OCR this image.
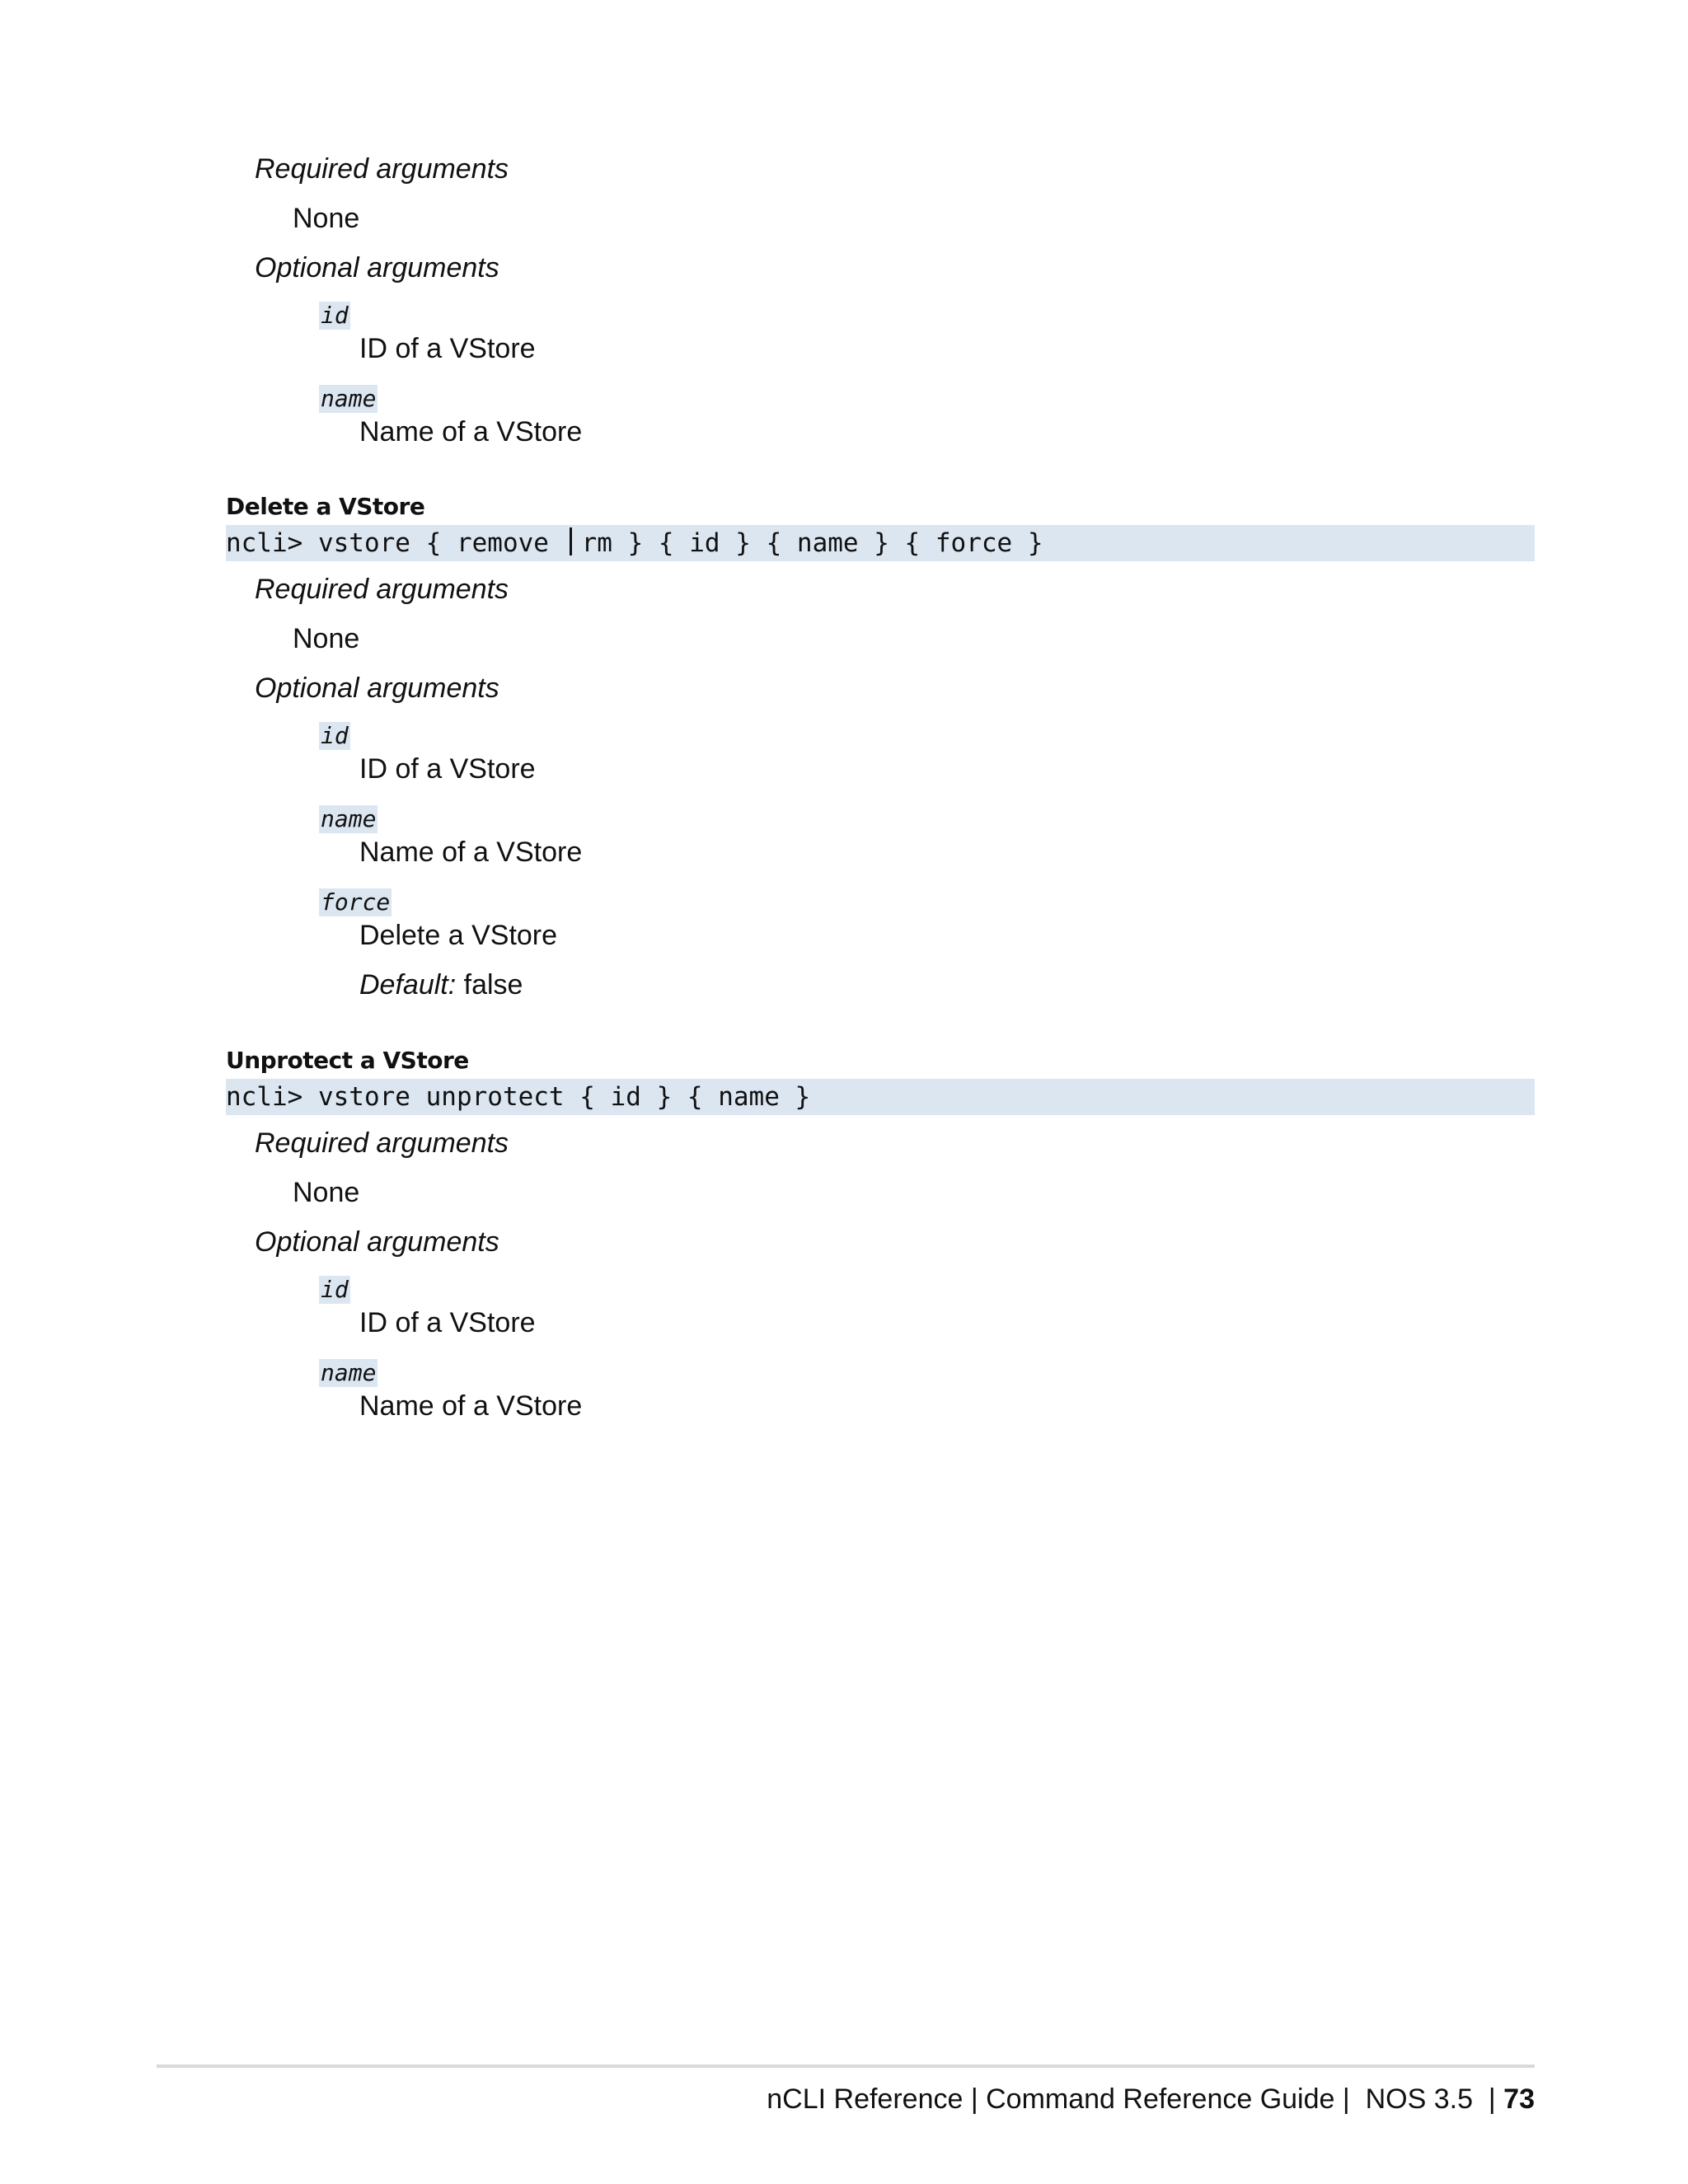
Required arguments
None
Optional arguments
id
ID of a VStore
name
Name of a VStore
Delete a VStore
ncli> vstore { remove rm } { id } { name } { force }
Required arguments
None
Optional arguments
id
ID of a VStore
name
Name of a VStore
force
Delete a VStore
Default: false
Unprotect a VStore
ncli> vstore unprotect { id } { name }
Required arguments
None
Optional arguments
id
ID of a VStore
name
Name of a VStore
nCLI Reference | Command Reference Guide |  NOS 3.5  | 73
